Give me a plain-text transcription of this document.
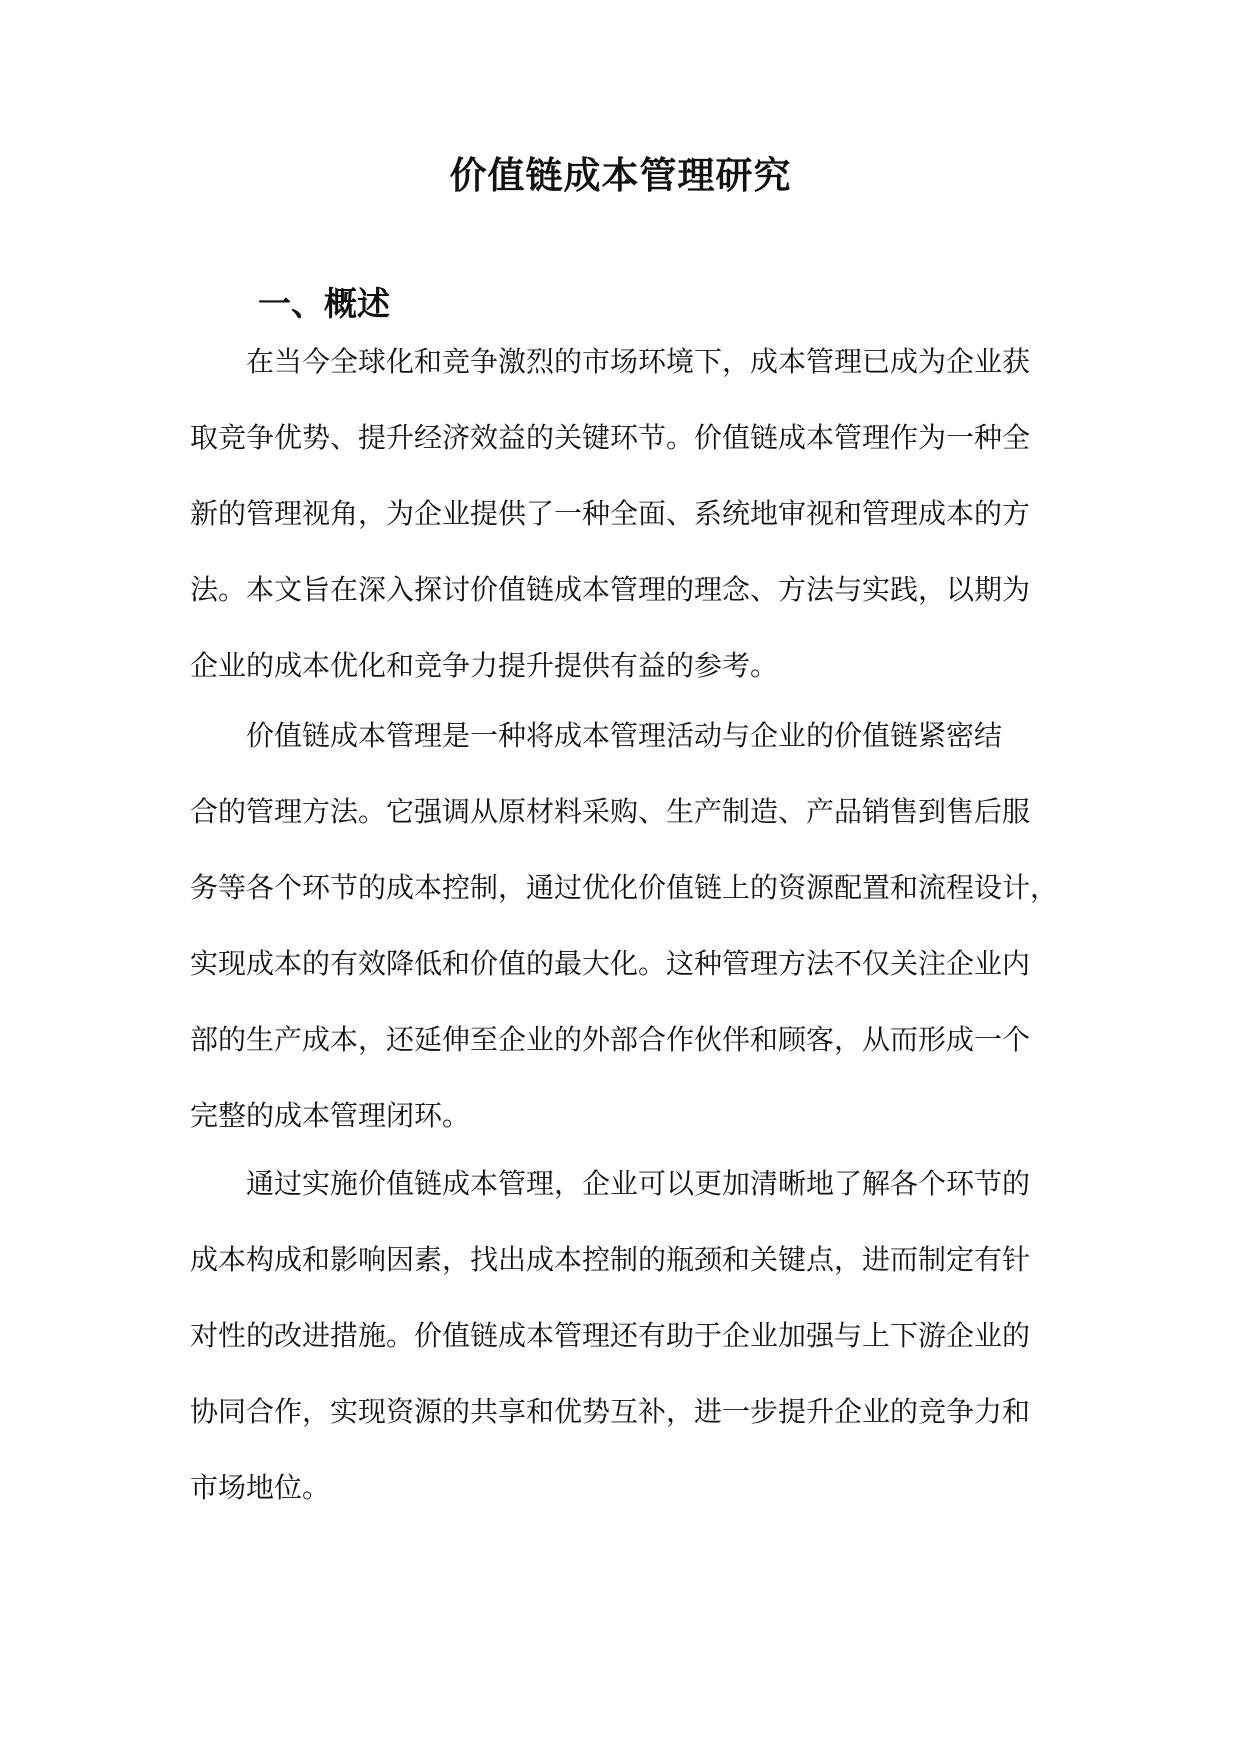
价值链成本管理研究
一、概述
在当今全球化和竞争激烈的市场环境下，成本管理已成为企业获
取竞争优势、提升经济效益的关键环节。价值链成本管理作为一种全
新的管理视角，为企业提供了一种全面、系统地审视和管理成本的方
法。本文旨在深入探讨价值链成本管理的理念、方法与实践，以期为
企业的成本优化和竞争力提升提供有益的参考。
价值链成本管理是一种将成本管理活动与企业的价值链紧密结
合的管理方法。它强调从原材料采购、生产制造、产品销售到售后服
务等各个环节的成本控制，通过优化价值链上的资源配置和流程设计，
实现成本的有效降低和价值的最大化。这种管理方法不仅关注企业内
部的生产成本，还延伸至企业的外部合作伙伴和顾客，从而形成一个
完整的成本管理闭环。
通过实施价值链成本管理，企业可以更加清晰地了解各个环节的
成本构成和影响因素，找出成本控制的瓶颈和关键点，进而制定有针
对性的改进措施。价值链成本管理还有助于企业加强与上下游企业的
协同合作，实现资源的共享和优势互补，进一步提升企业的竞争力和
市场地位。
